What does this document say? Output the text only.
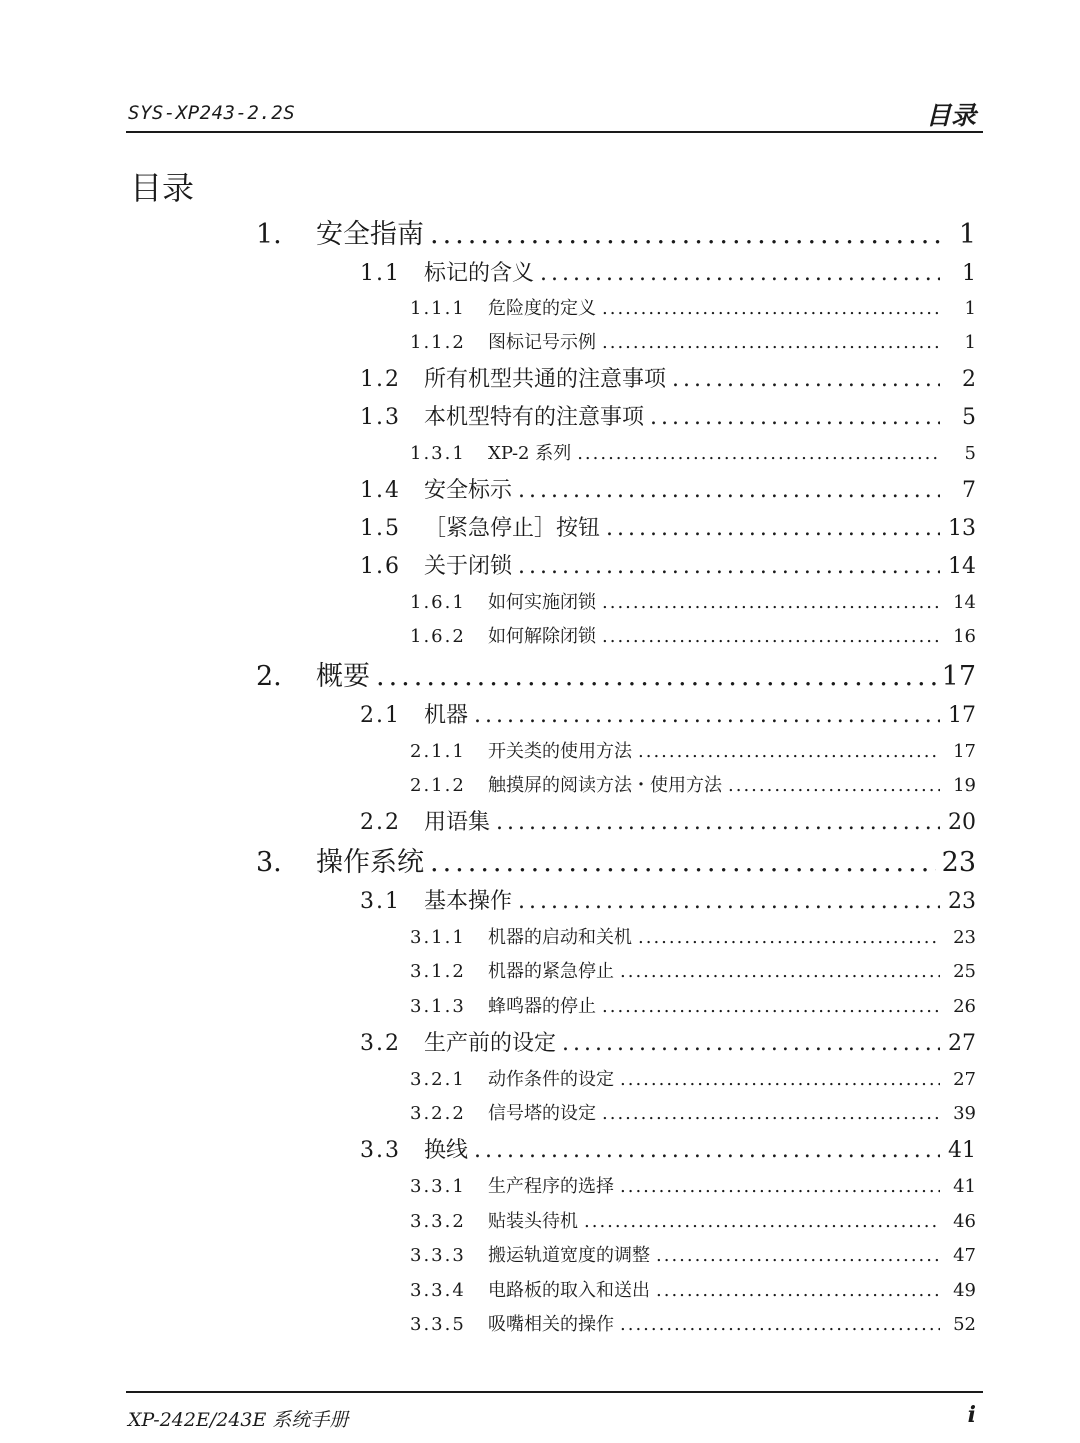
SYS-XP243-2.2S	目录
目录
1.	安全指南 .....	1
1.1	标记的含义 .....	1
1.1.1	危险度的定义 .....	1
1.1.2	图标记号示例 .....	1
1.2	所有机型共通的注意事项 .....	2
1.3	本机型特有的注意事项 .....	5
1.3.1	XP-2 系列 .....	5
1.4	安全标示 .....	7
1.5	［紧急停止］按钮 .....	13
1.6	关于闭锁 .....	14
1.6.1	如何实施闭锁 .....	14
1.6.2	如何解除闭锁 .....	16
2.	概要 .....	17
2.1	机器 .....	17
2.1.1	开关类的使用方法 .....	17
2.1.2	触摸屏的阅读方法・使用方法 .....	19
2.2	用语集 .....	20
3.	操作系统 .....	23
3.1	基本操作 .....	23
3.1.1	机器的启动和关机 .....	23
3.1.2	机器的紧急停止 .....	25
3.1.3	蜂鸣器的停止 .....	26
3.2	生产前的设定 .....	27
3.2.1	动作条件的设定 .....	27
3.2.2	信号塔的设定 .....	39
3.3	换线 .....	41
3.3.1	生产程序的选择 .....	41
3.3.2	贴装头待机 .....	46
3.3.3	搬运轨道宽度的调整 .....	47
3.3.4	电路板的取入和送出 .....	49
3.3.5	吸嘴相关的操作 .....	52
XP-242E/243E 系统手册	i
